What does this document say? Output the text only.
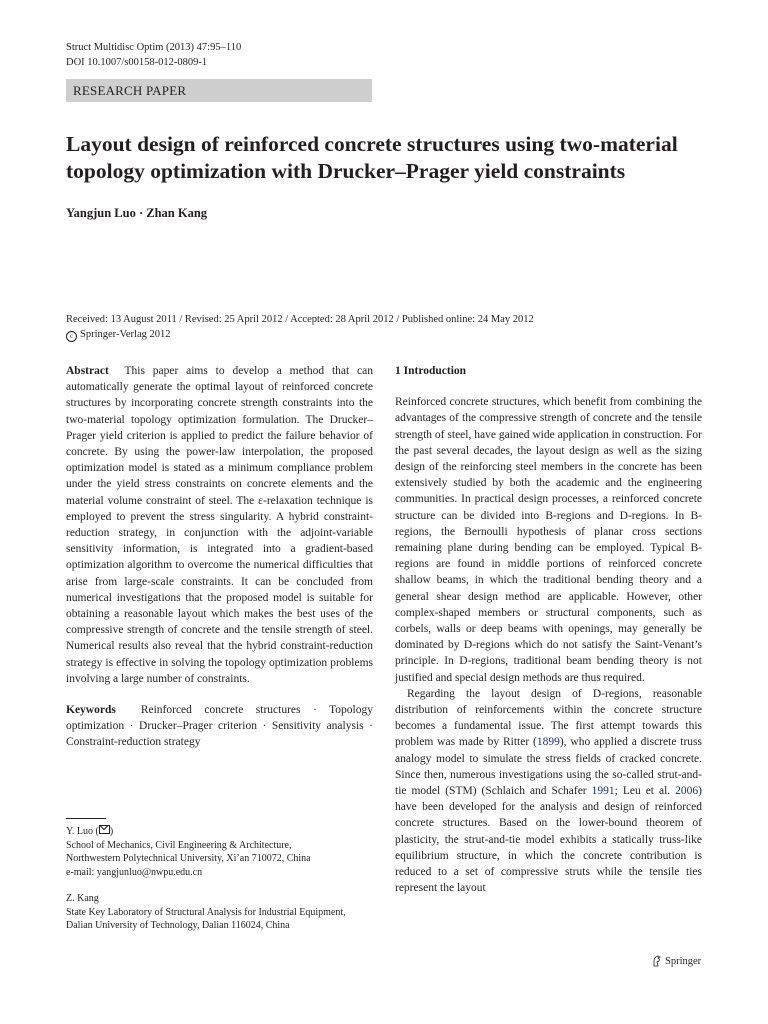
Struct Multidisc Optim (2013) 47:95–110
DOI 10.1007/s00158-012-0809-1
RESEARCH PAPER
Layout design of reinforced concrete structures using two-material topology optimization with Drucker–Prager yield constraints
Yangjun Luo · Zhan Kang
Received: 13 August 2011 / Revised: 25 April 2012 / Accepted: 28 April 2012 / Published online: 24 May 2012
c Springer-Verlag 2012

Abstract This paper aims to develop a method that can automatically generate the optimal layout of reinforced concrete structures by incorporating concrete strength constraints into the two-material topology optimization formulation. The Drucker–Prager yield criterion is applied to predict the failure behavior of concrete. By using the power-law interpolation, the proposed optimization model is stated as a minimum compliance problem under the yield stress constraints on concrete elements and the material volume constraint of steel. The ε-relaxation technique is employed to prevent the stress singularity. A hybrid constraint-reduction strategy, in conjunction with the adjoint-variable sensitivity information, is integrated into a gradient-based optimization algorithm to overcome the numerical difficulties that arise from large-scale constraints. It can be concluded from numerical investigations that the proposed model is suitable for obtaining a reasonable layout which makes the best uses of the compressive strength of concrete and the tensile strength of steel. Numerical results also reveal that the hybrid constraint-reduction strategy is effective in solving the topology optimization problems involving a large number of constraints.

Keywords Reinforced concrete structures · Topology optimization · Drucker–Prager criterion · Sensitivity analysis · Constraint-reduction strategy

Y. Luo ( )
School of Mechanics, Civil Engineering & Architecture,
Northwestern Polytechnical University, Xi’an 710072, China
e-mail: yangjunluo@nwpu.edu.cn
Z. Kang
State Key Laboratory of Structural Analysis for Industrial Equipment,
Dalian University of Technology, Dalian 116024, China
1 Introduction

Reinforced concrete structures, which benefit from combining the advantages of the compressive strength of concrete and the tensile strength of steel, have gained wide application in construction. For the past several decades, the layout design as well as the sizing design of the reinforcing steel members in the concrete has been extensively studied by both the academic and the engineering communities. In practical design processes, a reinforced concrete structure can be divided into B-regions and D-regions. In B-regions, the Bernoulli hypothesis of planar cross sections remaining plane during bending can be employed. Typical B-regions are found in middle portions of reinforced concrete shallow beams, in which the traditional bending theory and a general shear design method are applicable. However, other complex-shaped members or structural components, such as corbels, walls or deep beams with openings, may generally be dominated by D-regions which do not satisfy the Saint-Venant’s principle. In D-regions, traditional beam bending theory is not justified and special design methods are thus required.

Regarding the layout design of D-regions, reasonable distribution of reinforcements within the concrete structure becomes a fundamental issue. The first attempt towards this problem was made by Ritter (1899), who applied a discrete truss analogy model to simulate the stress fields of cracked concrete. Since then, numerous investigations using the so-called strut-and-tie model (STM) (Schlaich and Schafer 1991; Leu et al. 2006) have been developed for the analysis and design of reinforced concrete structures. Based on the lower-bound theorem of plasticity, the strut-and-tie model exhibits a statically truss-like equilibrium structure, in which the concrete contribution is reduced to a set of compressive struts while the tensile ties represent the layout

Springer
